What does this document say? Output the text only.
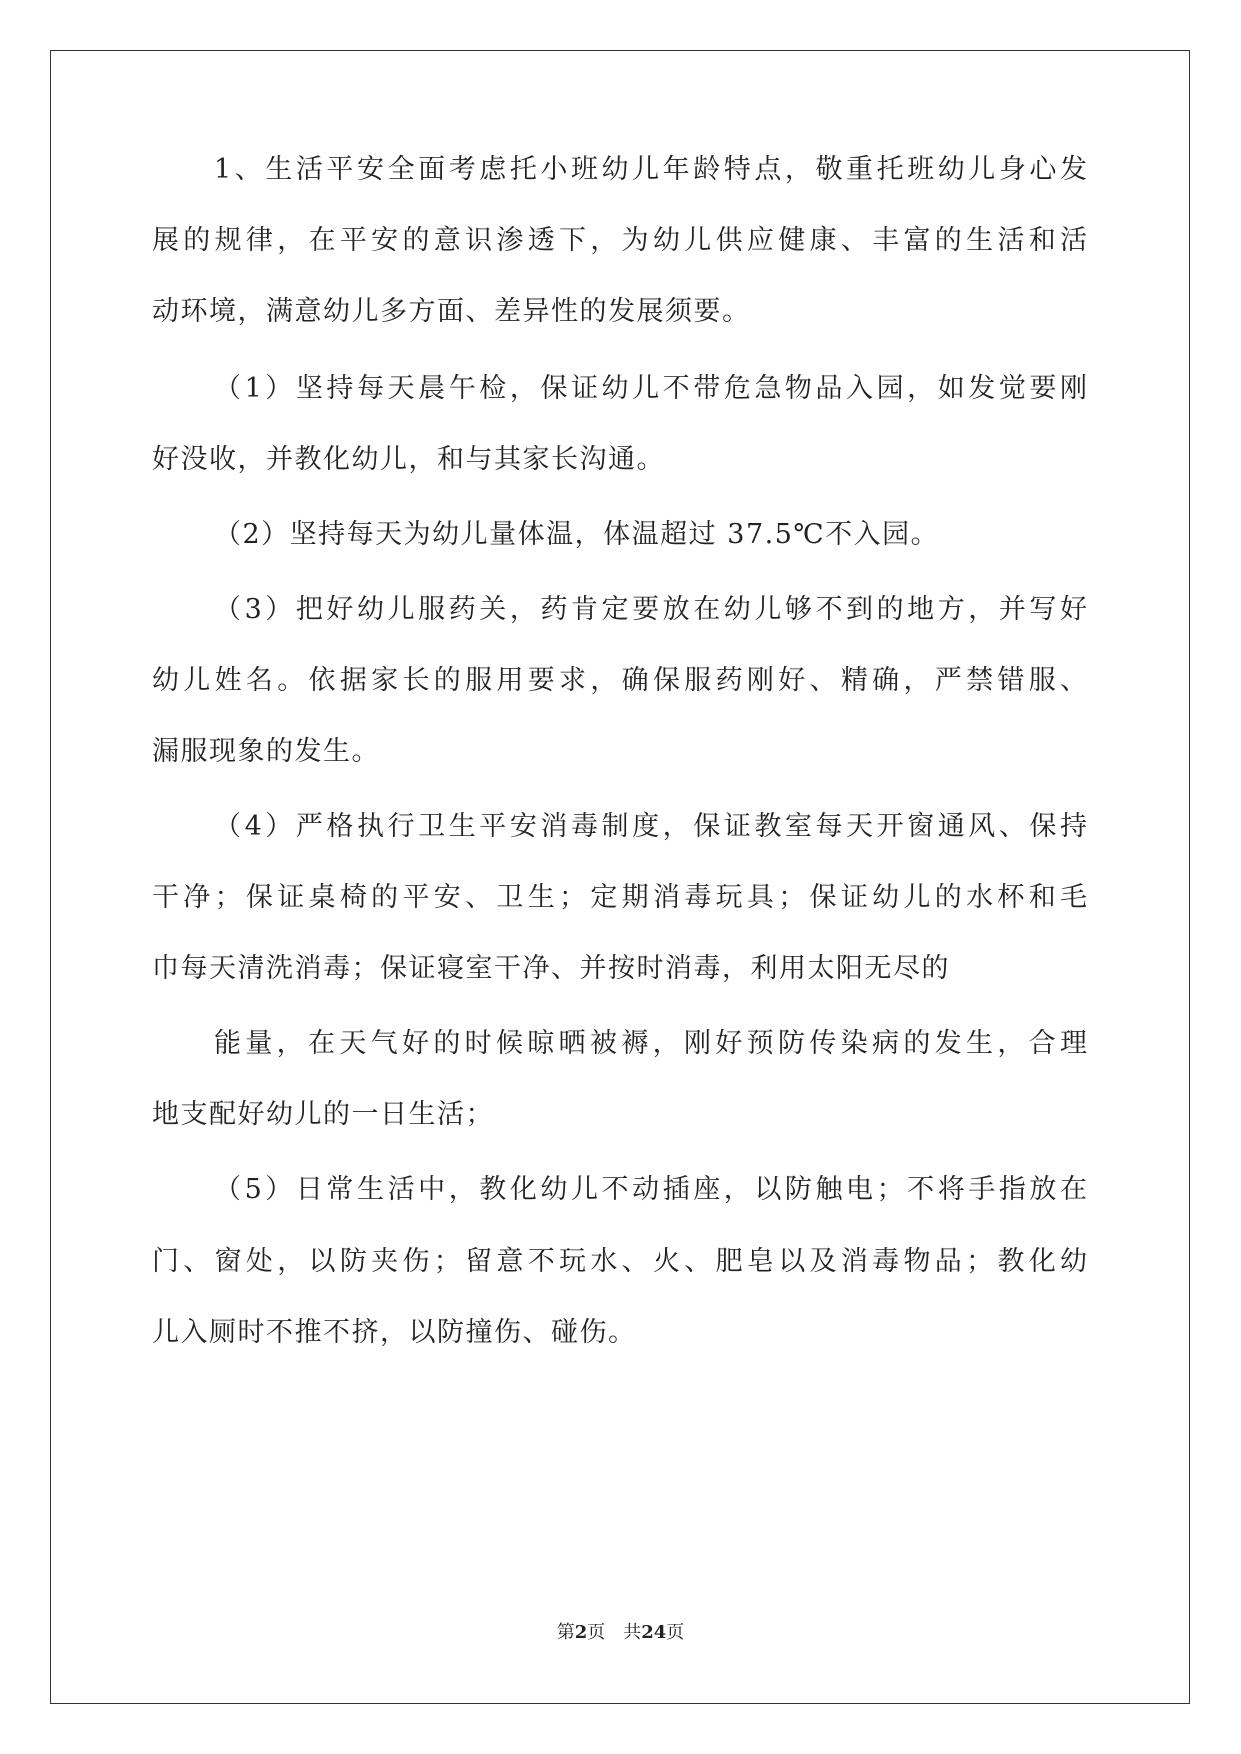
1、生活平安全面考虑托小班幼儿年龄特点，敬重托班幼儿身心发
展的规律，在平安的意识渗透下，为幼儿供应健康、丰富的生活和活
动环境，满意幼儿多方面、差异性的发展须要。
（1）坚持每天晨午检，保证幼儿不带危急物品入园，如发觉要刚
好没收，并教化幼儿，和与其家长沟通。
（2）坚持每天为幼儿量体温，体温超过 37.5℃不入园。
（3）把好幼儿服药关，药肯定要放在幼儿够不到的地方，并写好
幼儿姓名。依据家长的服用要求，确保服药刚好、精确，严禁错服、
漏服现象的发生。
（4）严格执行卫生平安消毒制度，保证教室每天开窗通风、保持
干净；保证桌椅的平安、卫生；定期消毒玩具；保证幼儿的水杯和毛
巾每天清洗消毒；保证寝室干净、并按时消毒，利用太阳无尽的
能量，在天气好的时候晾晒被褥，刚好预防传染病的发生，合理
地支配好幼儿的一日生活；
（5）日常生活中，教化幼儿不动插座，以防触电；不将手指放在
门、窗处，以防夹伤；留意不玩水、火、肥皂以及消毒物品；教化幼
儿入厕时不推不挤，以防撞伤、碰伤。
第2页　共24页
